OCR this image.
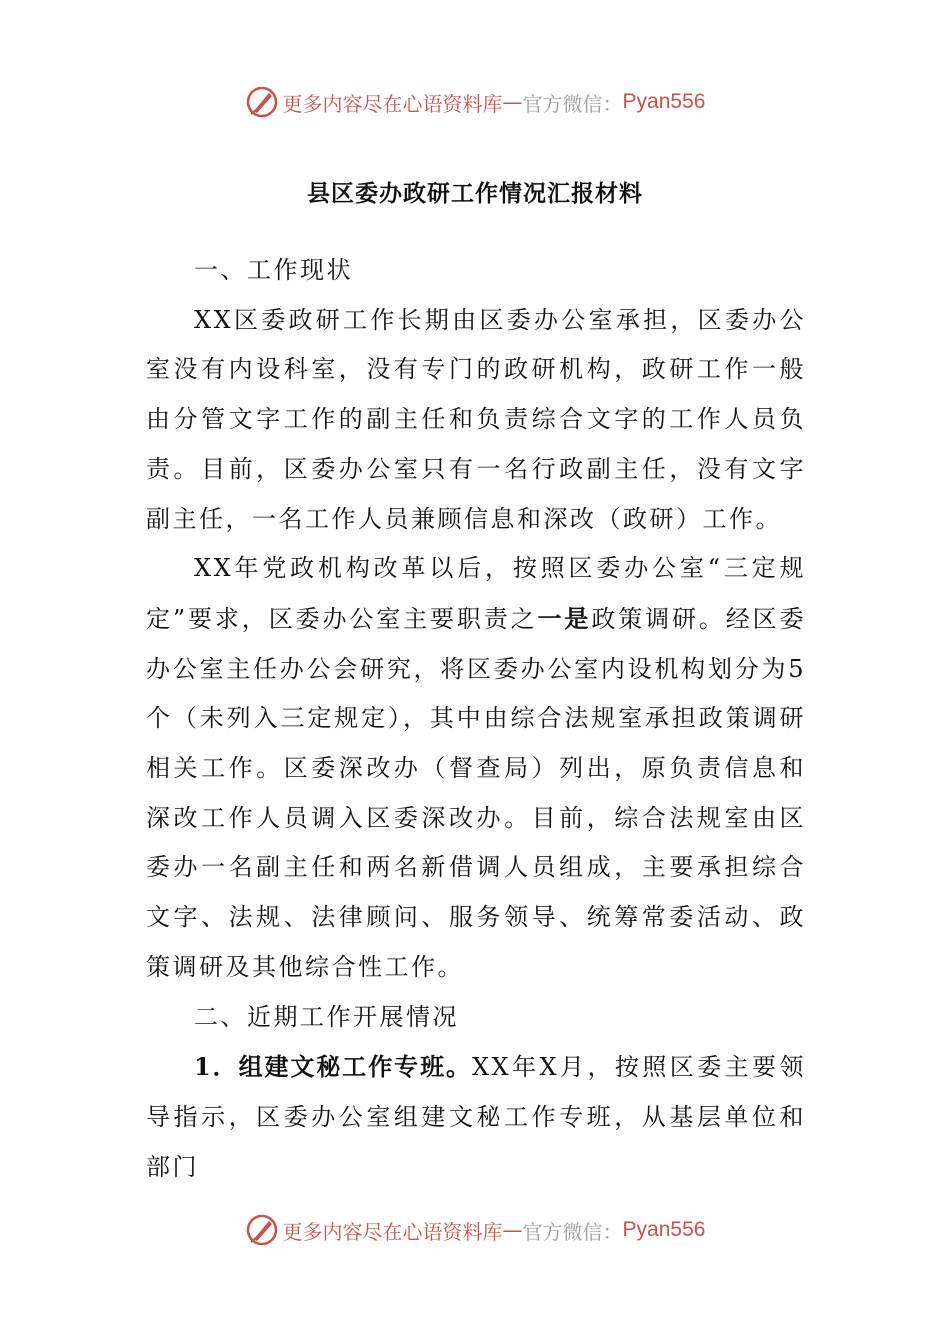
更多内容尽在心语资料库 — 官方微信： Pyan556
县区委办政研工作情况汇报材料

一、工作现状

XX区委政研工作长期由区委办公室承担，区委办公室没有内设科室，没有专门的政研机构，政研工作一般由分管文字工作的副主任和负责综合文字的工作人员负责。目前，区委办公室只有一名行政副主任，没有文字副主任，一名工作人员兼顾信息和深改（政研）工作。

XX年党政机构改革以后，按照区委办公室“三定规定”要求，区委办公室主要职责之一是政策调研。经区委办公室主任办公会研究，将区委办公室内设机构划分为5个（未列入三定规定），其中由综合法规室承担政策调研相关工作。区委深改办（督查局）列出，原负责信息和深改工作人员调入区委深改办。目前，综合法规室由区委办一名副主任和两名新借调人员组成，主要承担综合文字、法规、法律顾问、服务领导、统筹常委活动、政策调研及其他综合性工作。

二、近期工作开展情况

1．组建文秘工作专班。XX年X月，按照区委主要领导指示，区委办公室组建文秘工作专班，从基层单位和部门

更多内容尽在心语资料库 — 官方微信： Pyan556
